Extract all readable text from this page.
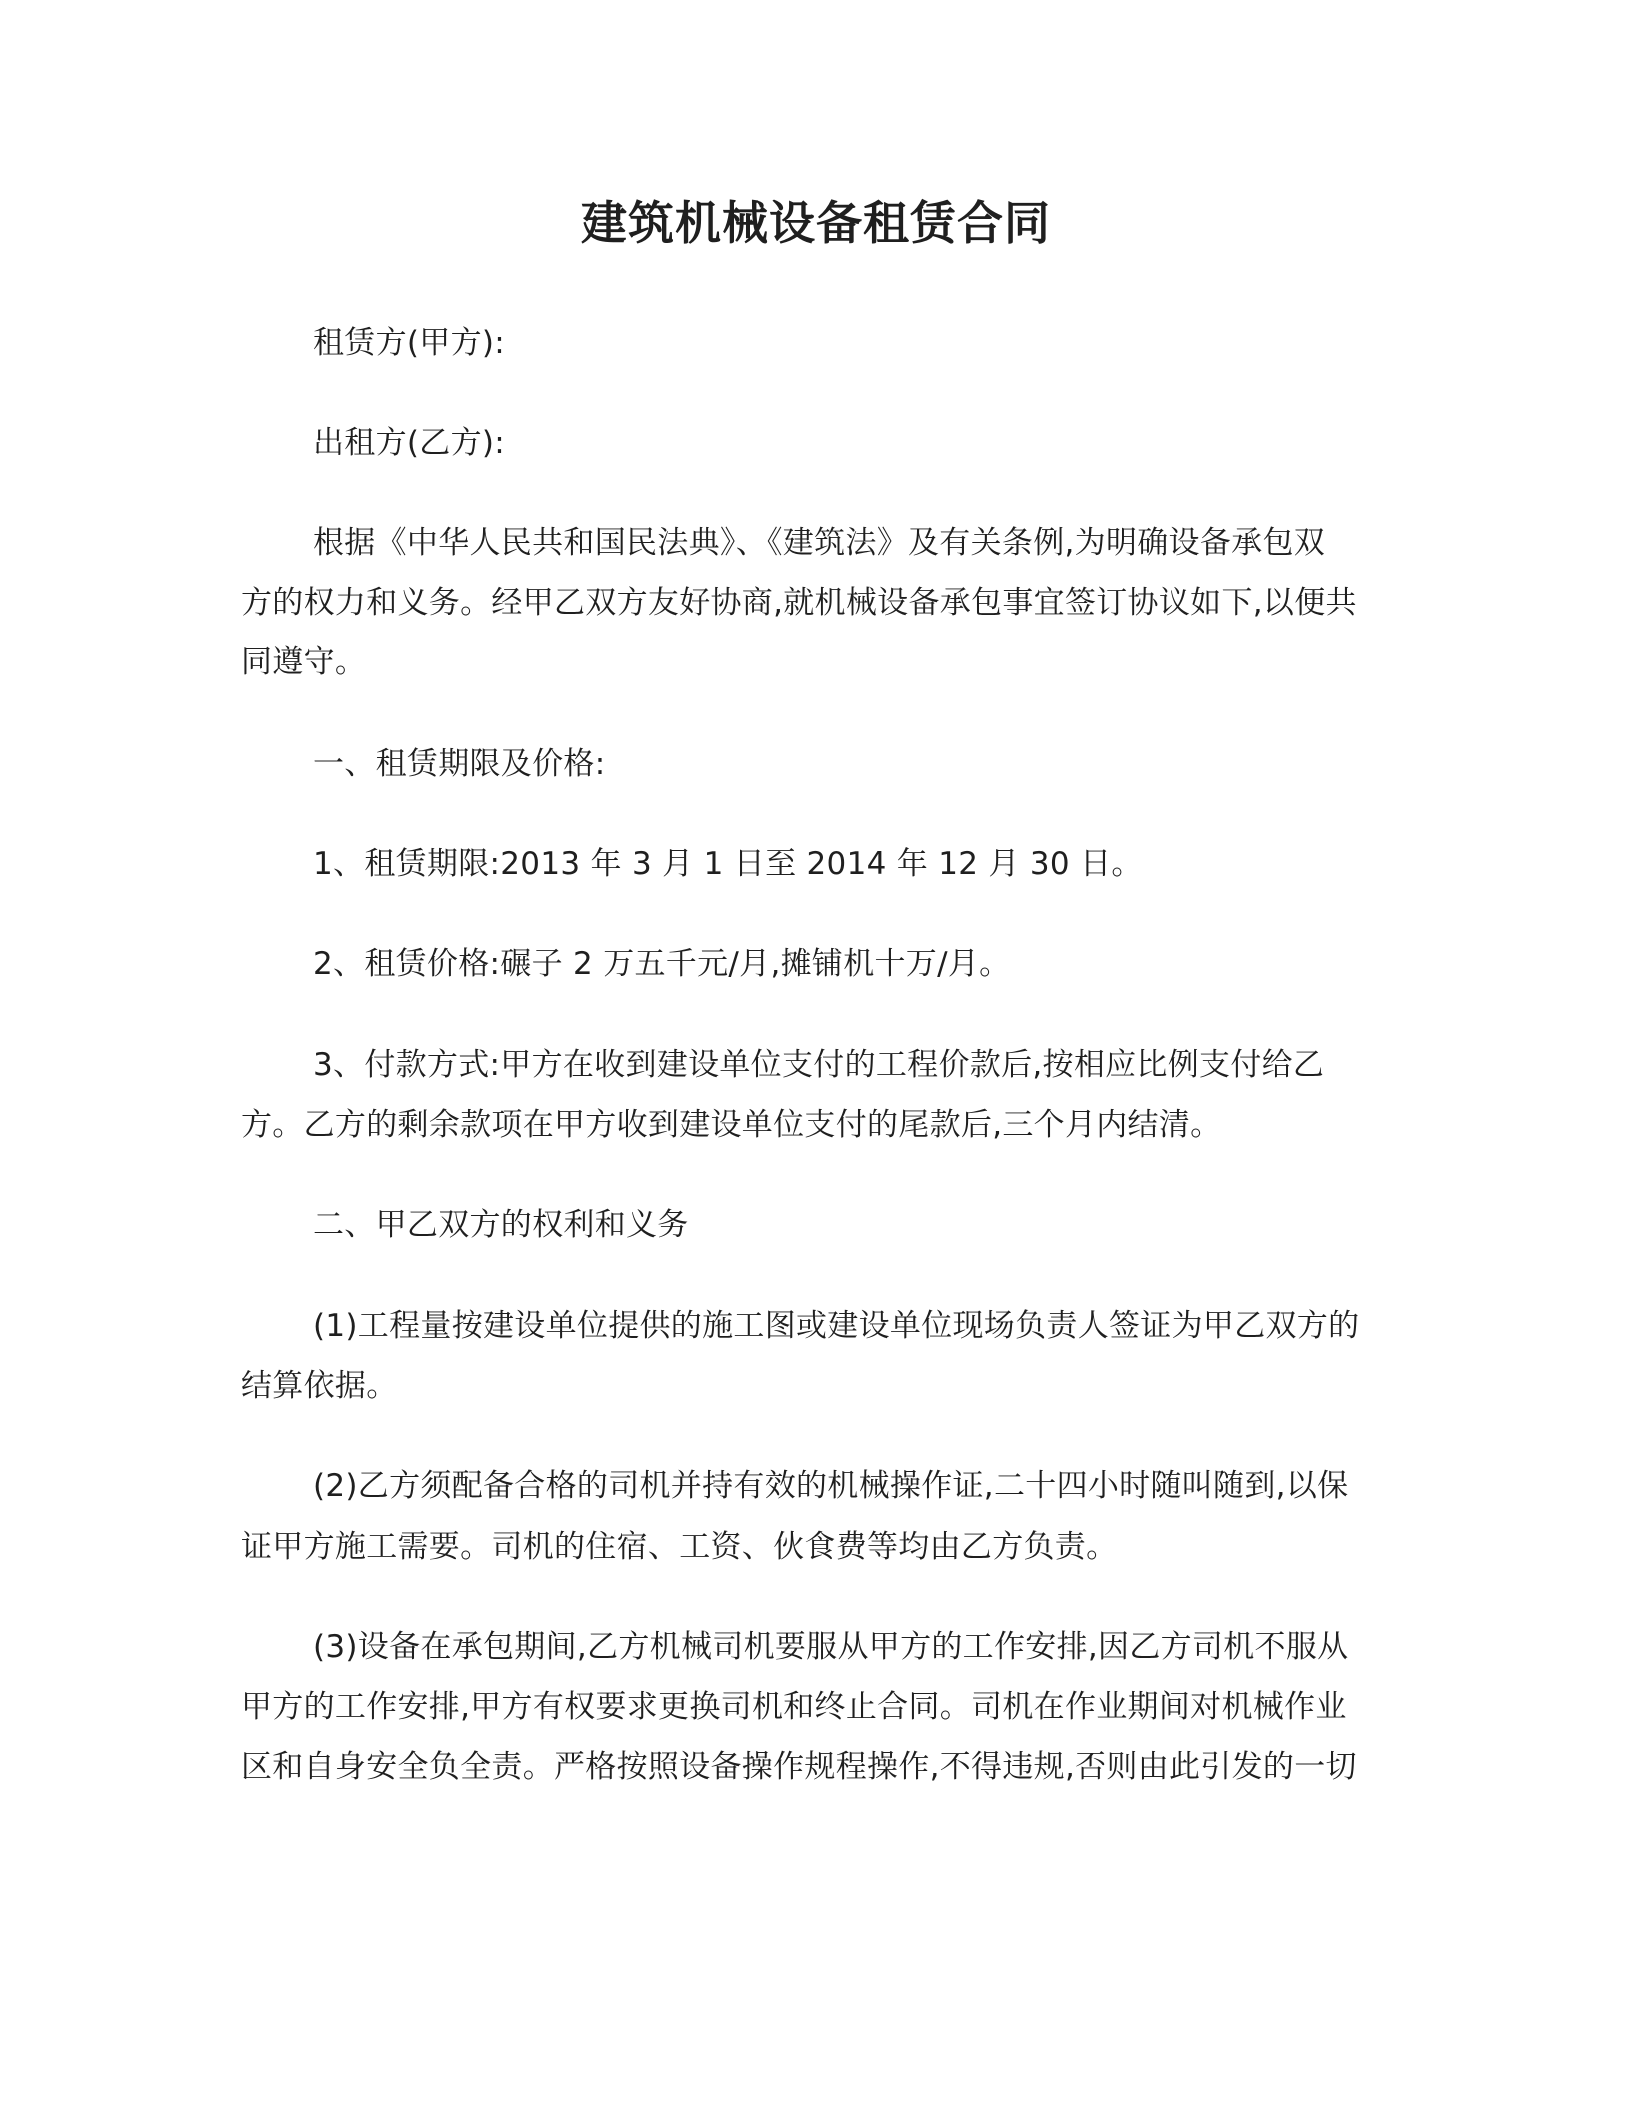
建筑机械设备租赁合同
租赁方(甲方):
出租方(乙方):
根据《中华人民共和国民法典》、《建筑法》及有关条例,为明确设备承包双
方的权力和义务。经甲乙双方友好协商,就机械设备承包事宜签订协议如下,以便共
同遵守。
一、租赁期限及价格:
1、租赁期限:2013 年 3 月 1 日至 2014 年 12 月 30 日。
2、租赁价格:碾子 2 万五千元/月,摊铺机十万/月。
3、付款方式:甲方在收到建设单位支付的工程价款后,按相应比例支付给乙
方。乙方的剩余款项在甲方收到建设单位支付的尾款后,三个月内结清。
二、甲乙双方的权利和义务
(1)工程量按建设单位提供的施工图或建设单位现场负责人签证为甲乙双方的
结算依据。
(2)乙方须配备合格的司机并持有效的机械操作证,二十四小时随叫随到,以保
证甲方施工需要。司机的住宿、工资、伙食费等均由乙方负责。
(3)设备在承包期间,乙方机械司机要服从甲方的工作安排,因乙方司机不服从
甲方的工作安排,甲方有权要求更换司机和终止合同。司机在作业期间对机械作业
区和自身安全负全责。严格按照设备操作规程操作,不得违规,否则由此引发的一切
